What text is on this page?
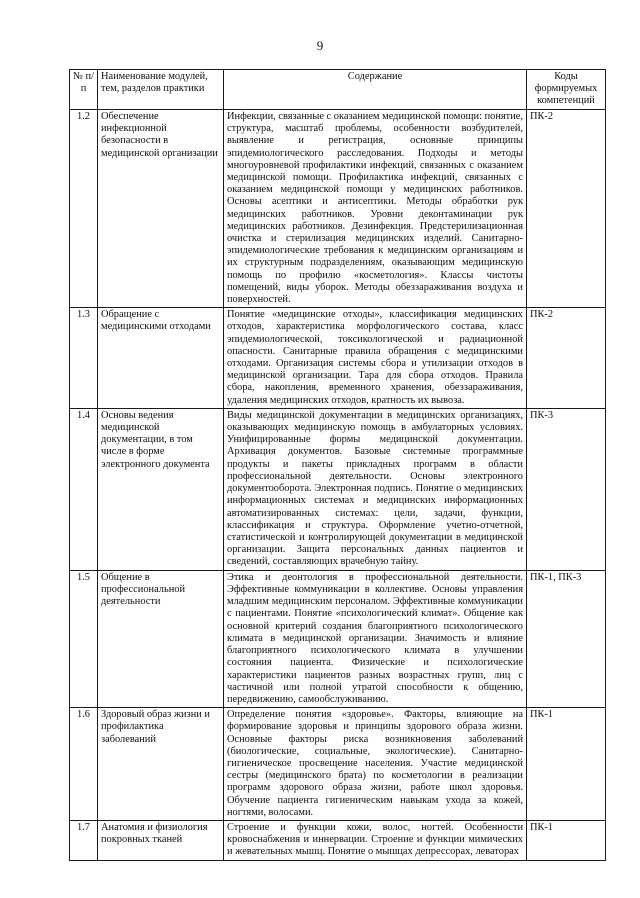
9
№ п/п	Наименование модулей, тем, разделов практики	Содержание	Коды формируемых компетенций
1.2	Обеспечение инфекционной безопасности в медицинской организации	Инфекции, связанные с оказанием медицинской помощи: понятие, структура, масштаб проблемы, особенности возбудителей, выявление и регистрация, основные принципы эпидемиологического расследования. Подходы и методы многоуровневой профилактики инфекций, связанных с оказанием медицинской помощи. Профилактика инфекций, связанных с оказанием медицинской помощи у медицинских работников. Основы асептики и антисептики. Методы обработки рук медицинских работников. Уровни деконтаминации рук медицинских работников. Дезинфекция. Предстерилизационная очистка и стерилизация медицинских изделий. Санитарно-эпидемиологические требования к медицинским организациям и их структурным подразделениям, оказывающим медицинскую помощь по профилю «косметология». Классы чистоты помещений, виды уборок. Методы обеззараживания воздуха и поверхностей.	ПК-2
1.3	Обращение с медицинскими отходами	Понятие «медицинские отходы», классификация медицинских отходов, характеристика морфологического состава, класс эпидемиологической, токсикологической и радиационной опасности. Санитарные правила обращения с медицинскими отходами. Организация системы сбора и утилизации отходов в медицинской организации. Тара для сбора отходов. Правила сбора, накопления, временного хранения, обеззараживания, удаления медицинских отходов, кратность их вывоза.	ПК-2
1.4	Основы ведения медицинской документации, в том числе в форме электронного документа	Виды медицинской документации в медицинских организациях, оказывающих медицинскую помощь в амбулаторных условиях. Унифицированные формы медицинской документации. Архивация документов. Базовые системные программные продукты и пакеты прикладных программ в области профессиональной деятельности. Основы электронного документооборота. Электронная подпись. Понятие о медицинских информационных системах и медицинских информационных автоматизированных системах: цели, задачи, функции, классификация и структура. Оформление учетно-отчетной, статистической и контролирующей документации в медицинской организации. Защита персональных данных пациентов и сведений, составляющих врачебную тайну.	ПК-3
1.5	Общение в профессиональной деятельности	Этика и деонтология в профессиональной деятельности. Эффективные коммуникации в коллективе. Основы управления младшим медицинским персоналом. Эффективные коммуникации с пациентами. Понятие «психологический климат». Общение как основной критерий создания благоприятного психологического климата в медицинской организации. Значимость и влияние благоприятного психологического климата в улучшении состояния пациента. Физические и психологические характеристики пациентов разных возрастных групп, лиц с частичной или полной утратой способности к общению, передвижению, самообслуживанию.	ПК-1, ПК-3
1.6	Здоровый образ жизни и профилактика заболеваний	Определение понятия «здоровье». Факторы, влияющие на формирование здоровья и принципы здорового образа жизни. Основные факторы риска возникновения заболеваний (биологические, социальные, экологические). Санитарно-гигиеническое просвещение населения. Участие медицинской сестры (медицинского брата) по косметологии в реализации программ здорового образа жизни, работе школ здоровья. Обучение пациента гигиеническим навыкам ухода за кожей, ногтями, волосами.	ПК-1
1.7	Анатомия и физиология покровных тканей	Строение и функции кожи, волос, ногтей. Особенности кровоснабжения и иннервации. Строение и функции мимических и жевательных мышц. Понятие о мышцах депрессорах, леваторах	ПК-1
